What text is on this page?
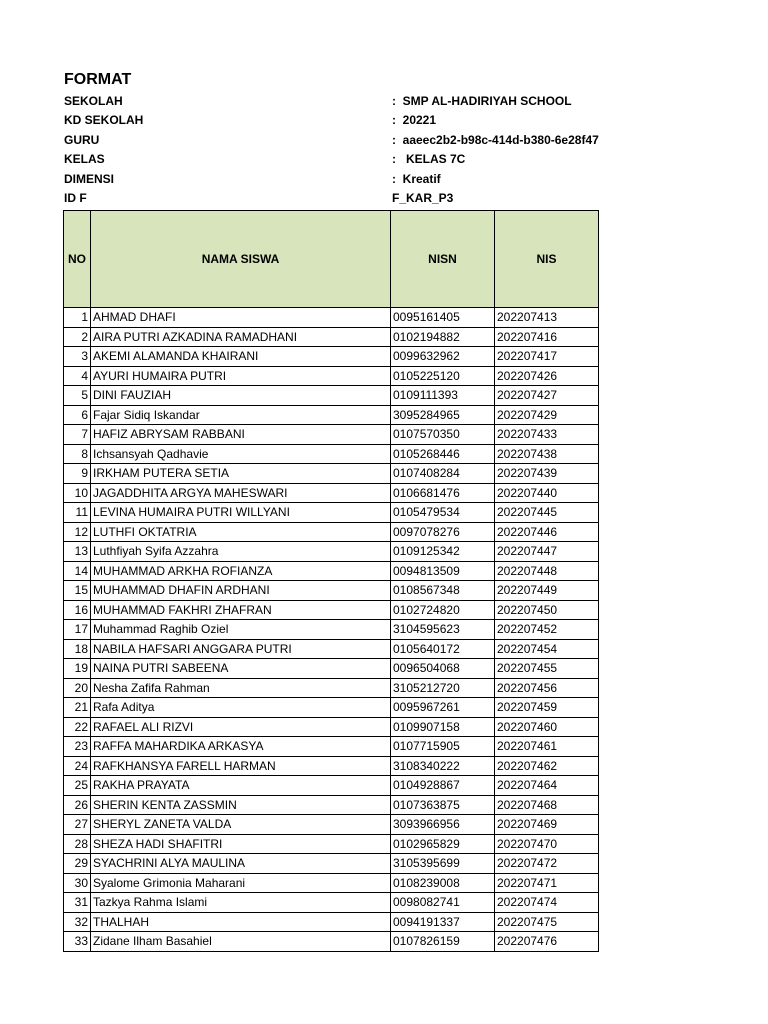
FORMAT
SEKOLAH	:  SMP AL-HADIRIYAH SCHOOL
KD SEKOLAH	:  20221
GURU	:  aaeec2b2-b98c-414d-b380-6e28f47
KELAS	:   KELAS 7C
DIMENSI	:  Kreatif
ID F	F_KAR_P3
NO	NAMA SISWA	NISN	NIS
1	AHMAD DHAFI	0095161405	202207413
2	AIRA PUTRI AZKADINA RAMADHANI	0102194882	202207416
3	AKEMI ALAMANDA KHAIRANI	0099632962	202207417
4	AYURI HUMAIRA PUTRI	0105225120	202207426
5	DINI FAUZIAH	0109111393	202207427
6	Fajar Sidiq Iskandar	3095284965	202207429
7	HAFIZ ABRYSAM RABBANI	0107570350	202207433
8	Ichsansyah Qadhavie	0105268446	202207438
9	IRKHAM PUTERA SETIA	0107408284	202207439
10	JAGADDHITA ARGYA MAHESWARI	0106681476	202207440
11	LEVINA HUMAIRA PUTRI WILLYANI	0105479534	202207445
12	LUTHFI OKTATRIA	0097078276	202207446
13	Luthfiyah Syifa Azzahra	0109125342	202207447
14	MUHAMMAD ARKHA ROFIANZA	0094813509	202207448
15	MUHAMMAD DHAFIN ARDHANI	0108567348	202207449
16	MUHAMMAD FAKHRI ZHAFRAN	0102724820	202207450
17	Muhammad Raghib Oziel	3104595623	202207452
18	NABILA HAFSARI ANGGARA PUTRI	0105640172	202207454
19	NAINA PUTRI SABEENA	0096504068	202207455
20	Nesha Zafifa Rahman	3105212720	202207456
21	Rafa Aditya	0095967261	202207459
22	RAFAEL ALI RIZVI	0109907158	202207460
23	RAFFA MAHARDIKA ARKASYA	0107715905	202207461
24	RAFKHANSYA FARELL HARMAN	3108340222	202207462
25	RAKHA PRAYATA	0104928867	202207464
26	SHERIN KENTA ZASSMIN	0107363875	202207468
27	SHERYL ZANETA VALDA	3093966956	202207469
28	SHEZA HADI SHAFITRI	0102965829	202207470
29	SYACHRINI ALYA MAULINA	3105395699	202207472
30	Syalome Grimonia Maharani	0108239008	202207471
31	Tazkya Rahma Islami	0098082741	202207474
32	THALHAH	0094191337	202207475
33	Zidane Ilham Basahiel	0107826159	202207476
